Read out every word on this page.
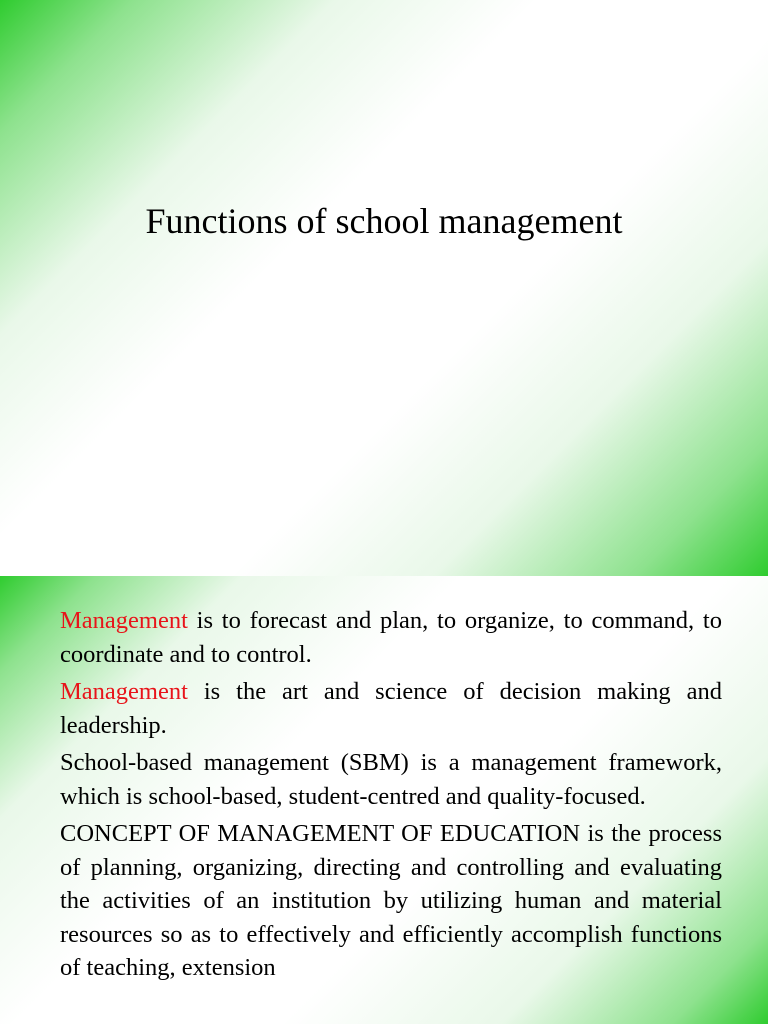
Functions of school management

Management is to forecast and plan, to organize, to command, to coordinate and to control.

Management is the art and science of decision making and leadership.

School-based management (SBM) is a management framework, which is school-based, student-centred and quality-focused.

CONCEPT OF MANAGEMENT OF EDUCATION is the process of planning, organizing, directing and controlling and evaluating the activities of an institution by utilizing human and material resources so as to effectively and efficiently accomplish functions of teaching, extension
